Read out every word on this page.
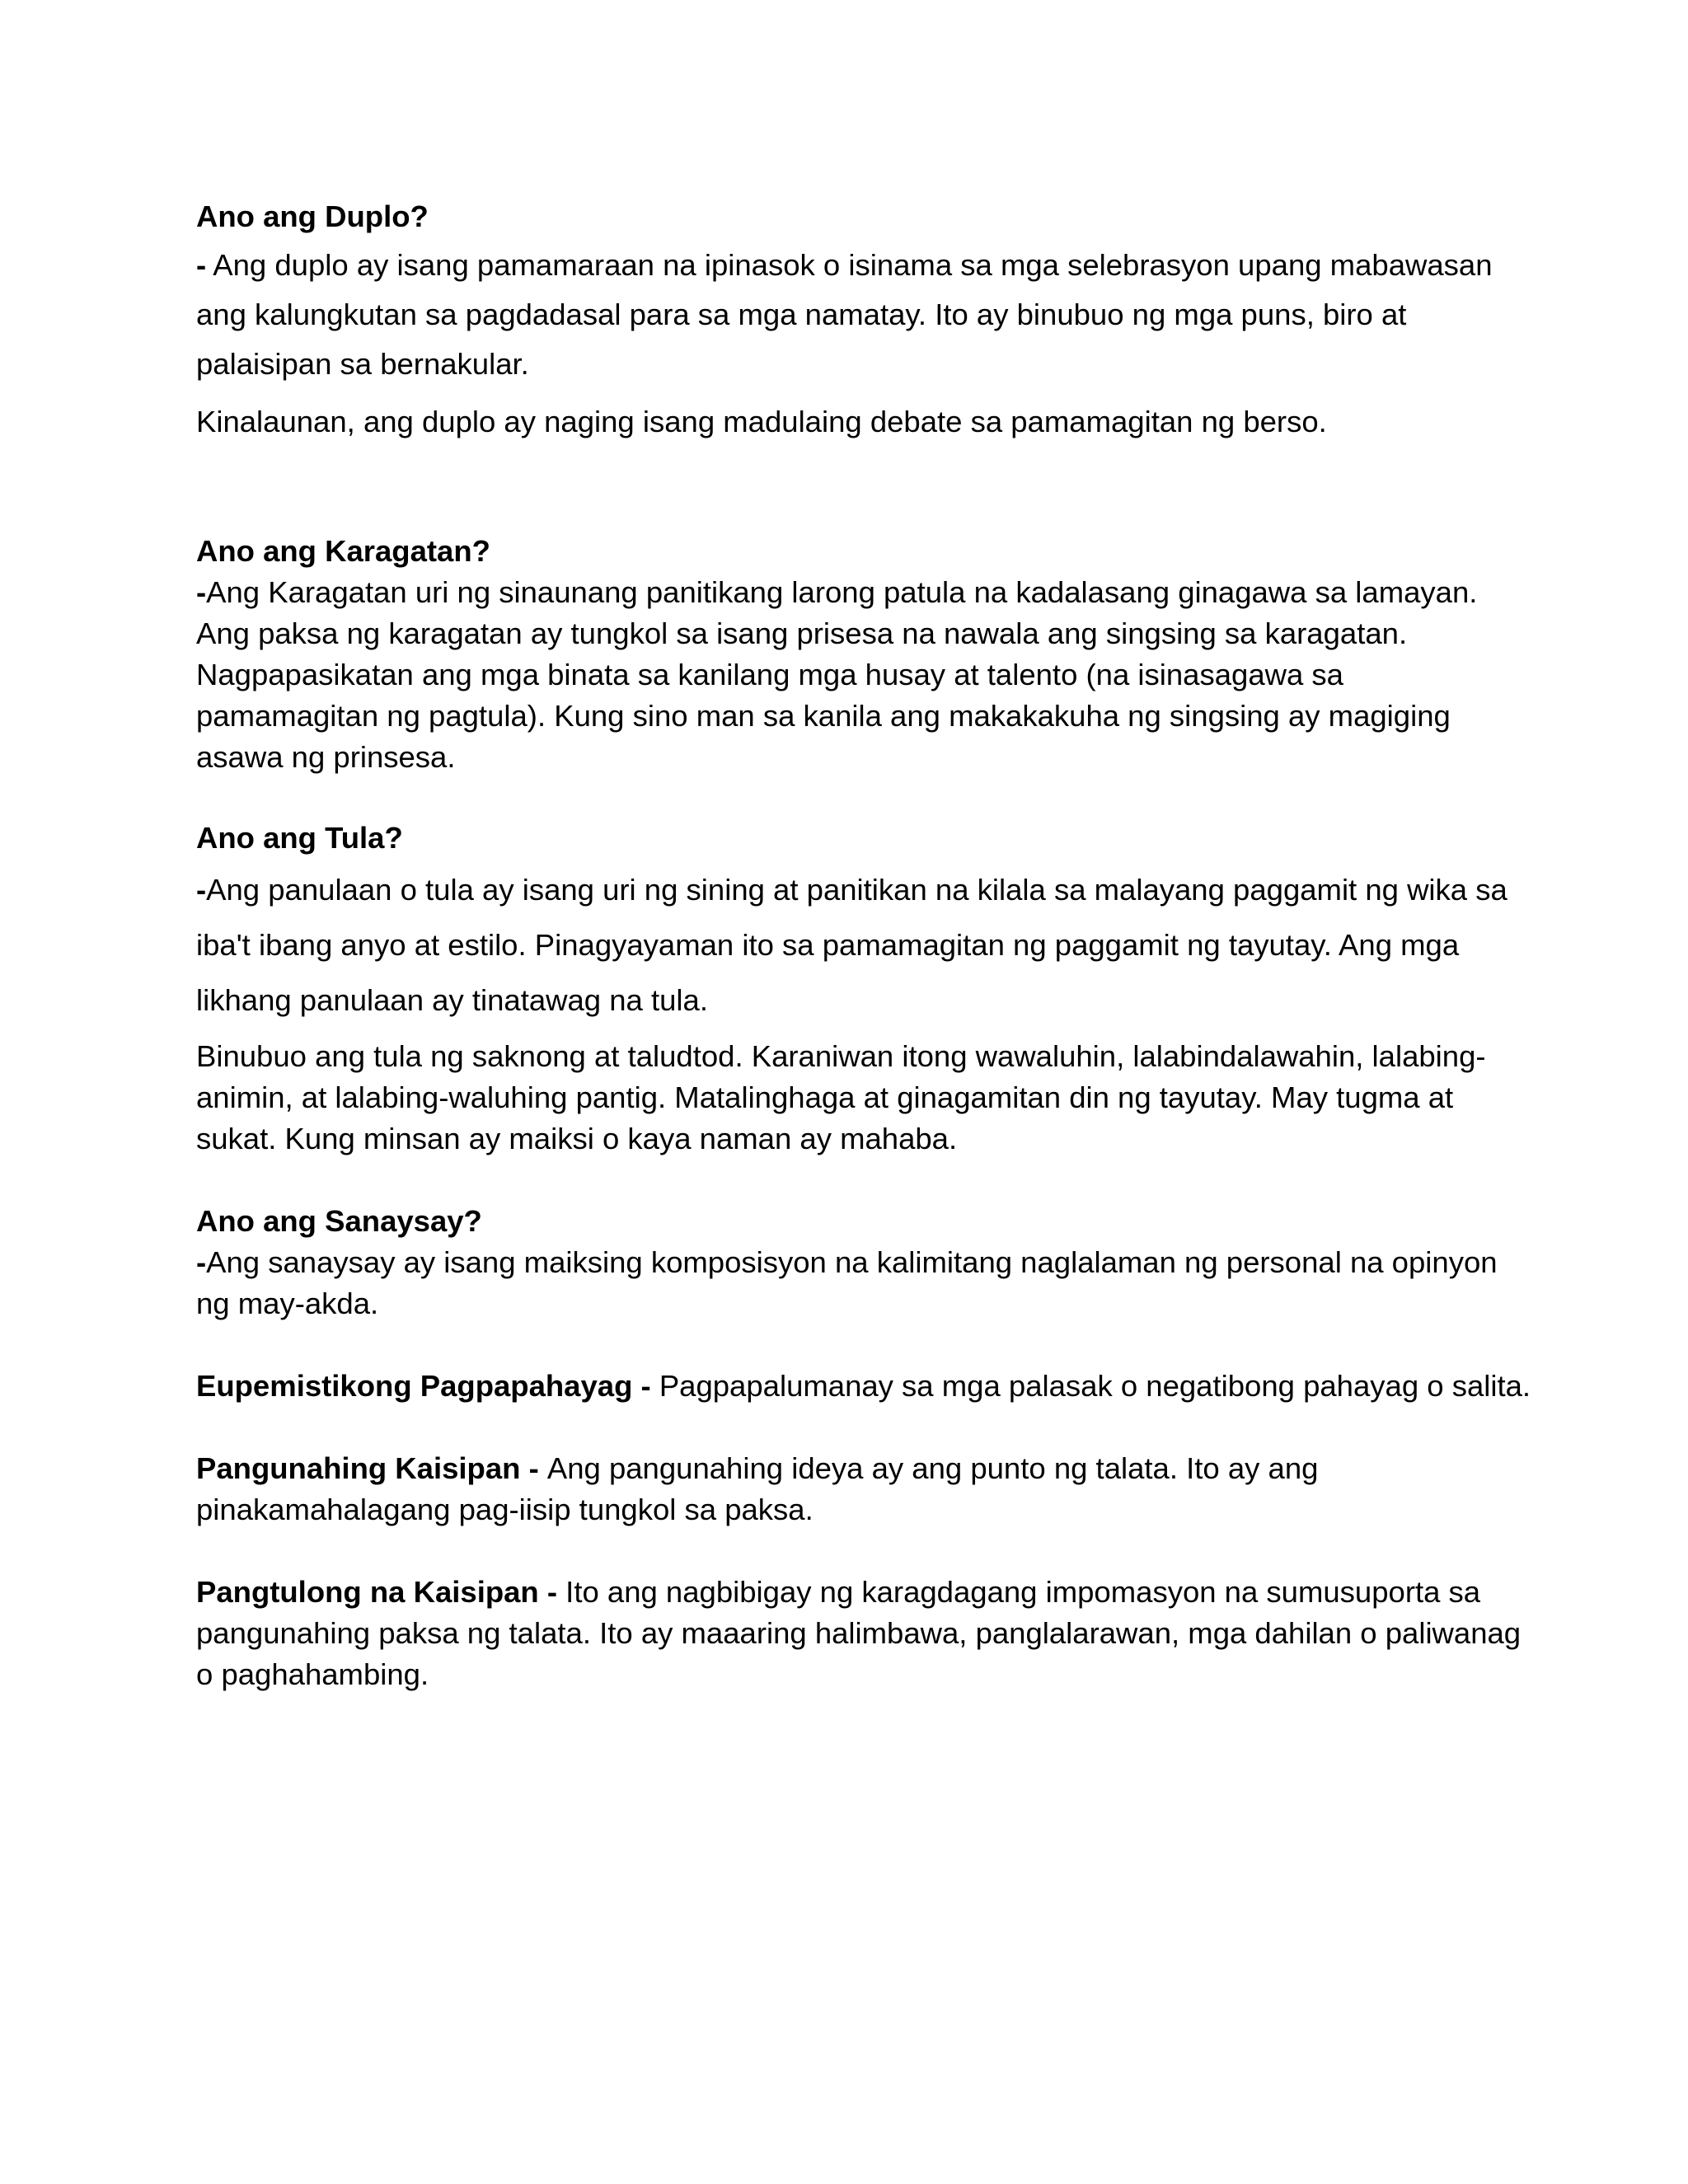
Ano ang Duplo?

- Ang duplo ay isang pamamaraan na ipinasok o isinama sa mga selebrasyon upang mabawasan ang kalungkutan sa pagdadasal para sa mga namatay. Ito ay binubuo ng mga puns, biro at palaisipan sa bernakular.

Kinalaunan, ang duplo ay naging isang madulaing debate sa pamamagitan ng berso.

Ano ang Karagatan?

-Ang Karagatan uri ng sinaunang panitikang larong patula na kadalasang ginagawa sa lamayan. Ang paksa ng karagatan ay tungkol sa isang prisesa na nawala ang singsing sa karagatan. Nagpapasikatan ang mga binata sa kanilang mga husay at talento (na isinasagawa sa pamamagitan ng pagtula). Kung sino man sa kanila ang makakakuha ng singsing ay magiging asawa ng prinsesa.

Ano ang Tula?

-Ang panulaan o tula ay isang uri ng sining at panitikan na kilala sa malayang paggamit ng wika sa iba't ibang anyo at estilo. Pinagyayaman ito sa pamamagitan ng paggamit ng tayutay. Ang mga likhang panulaan ay tinatawag na tula.

Binubuo ang tula ng saknong at taludtod. Karaniwan itong wawaluhin, lalabindalawahin, lalabing-animin, at lalabing-waluhing pantig. Matalinghaga at ginagamitan din ng tayutay. May tugma at sukat. Kung minsan ay maiksi o kaya naman ay mahaba.

Ano ang Sanaysay?

-Ang sanaysay ay isang maiksing komposisyon na kalimitang naglalaman ng personal na opinyon ng may-akda.

Eupemistikong Pagpapahayag - Pagpapalumanay sa mga palasak o negatibong pahayag o salita.

Pangunahing Kaisipan - Ang pangunahing ideya ay ang punto ng talata. Ito ay ang pinakamahalagang pag-iisip tungkol sa paksa.

Pangtulong na Kaisipan - Ito ang nagbibigay ng karagdagang impomasyon na sumusuporta sa pangunahing paksa ng talata. Ito ay maaaring halimbawa, panglalarawan, mga dahilan o paliwanag o paghahambing.
